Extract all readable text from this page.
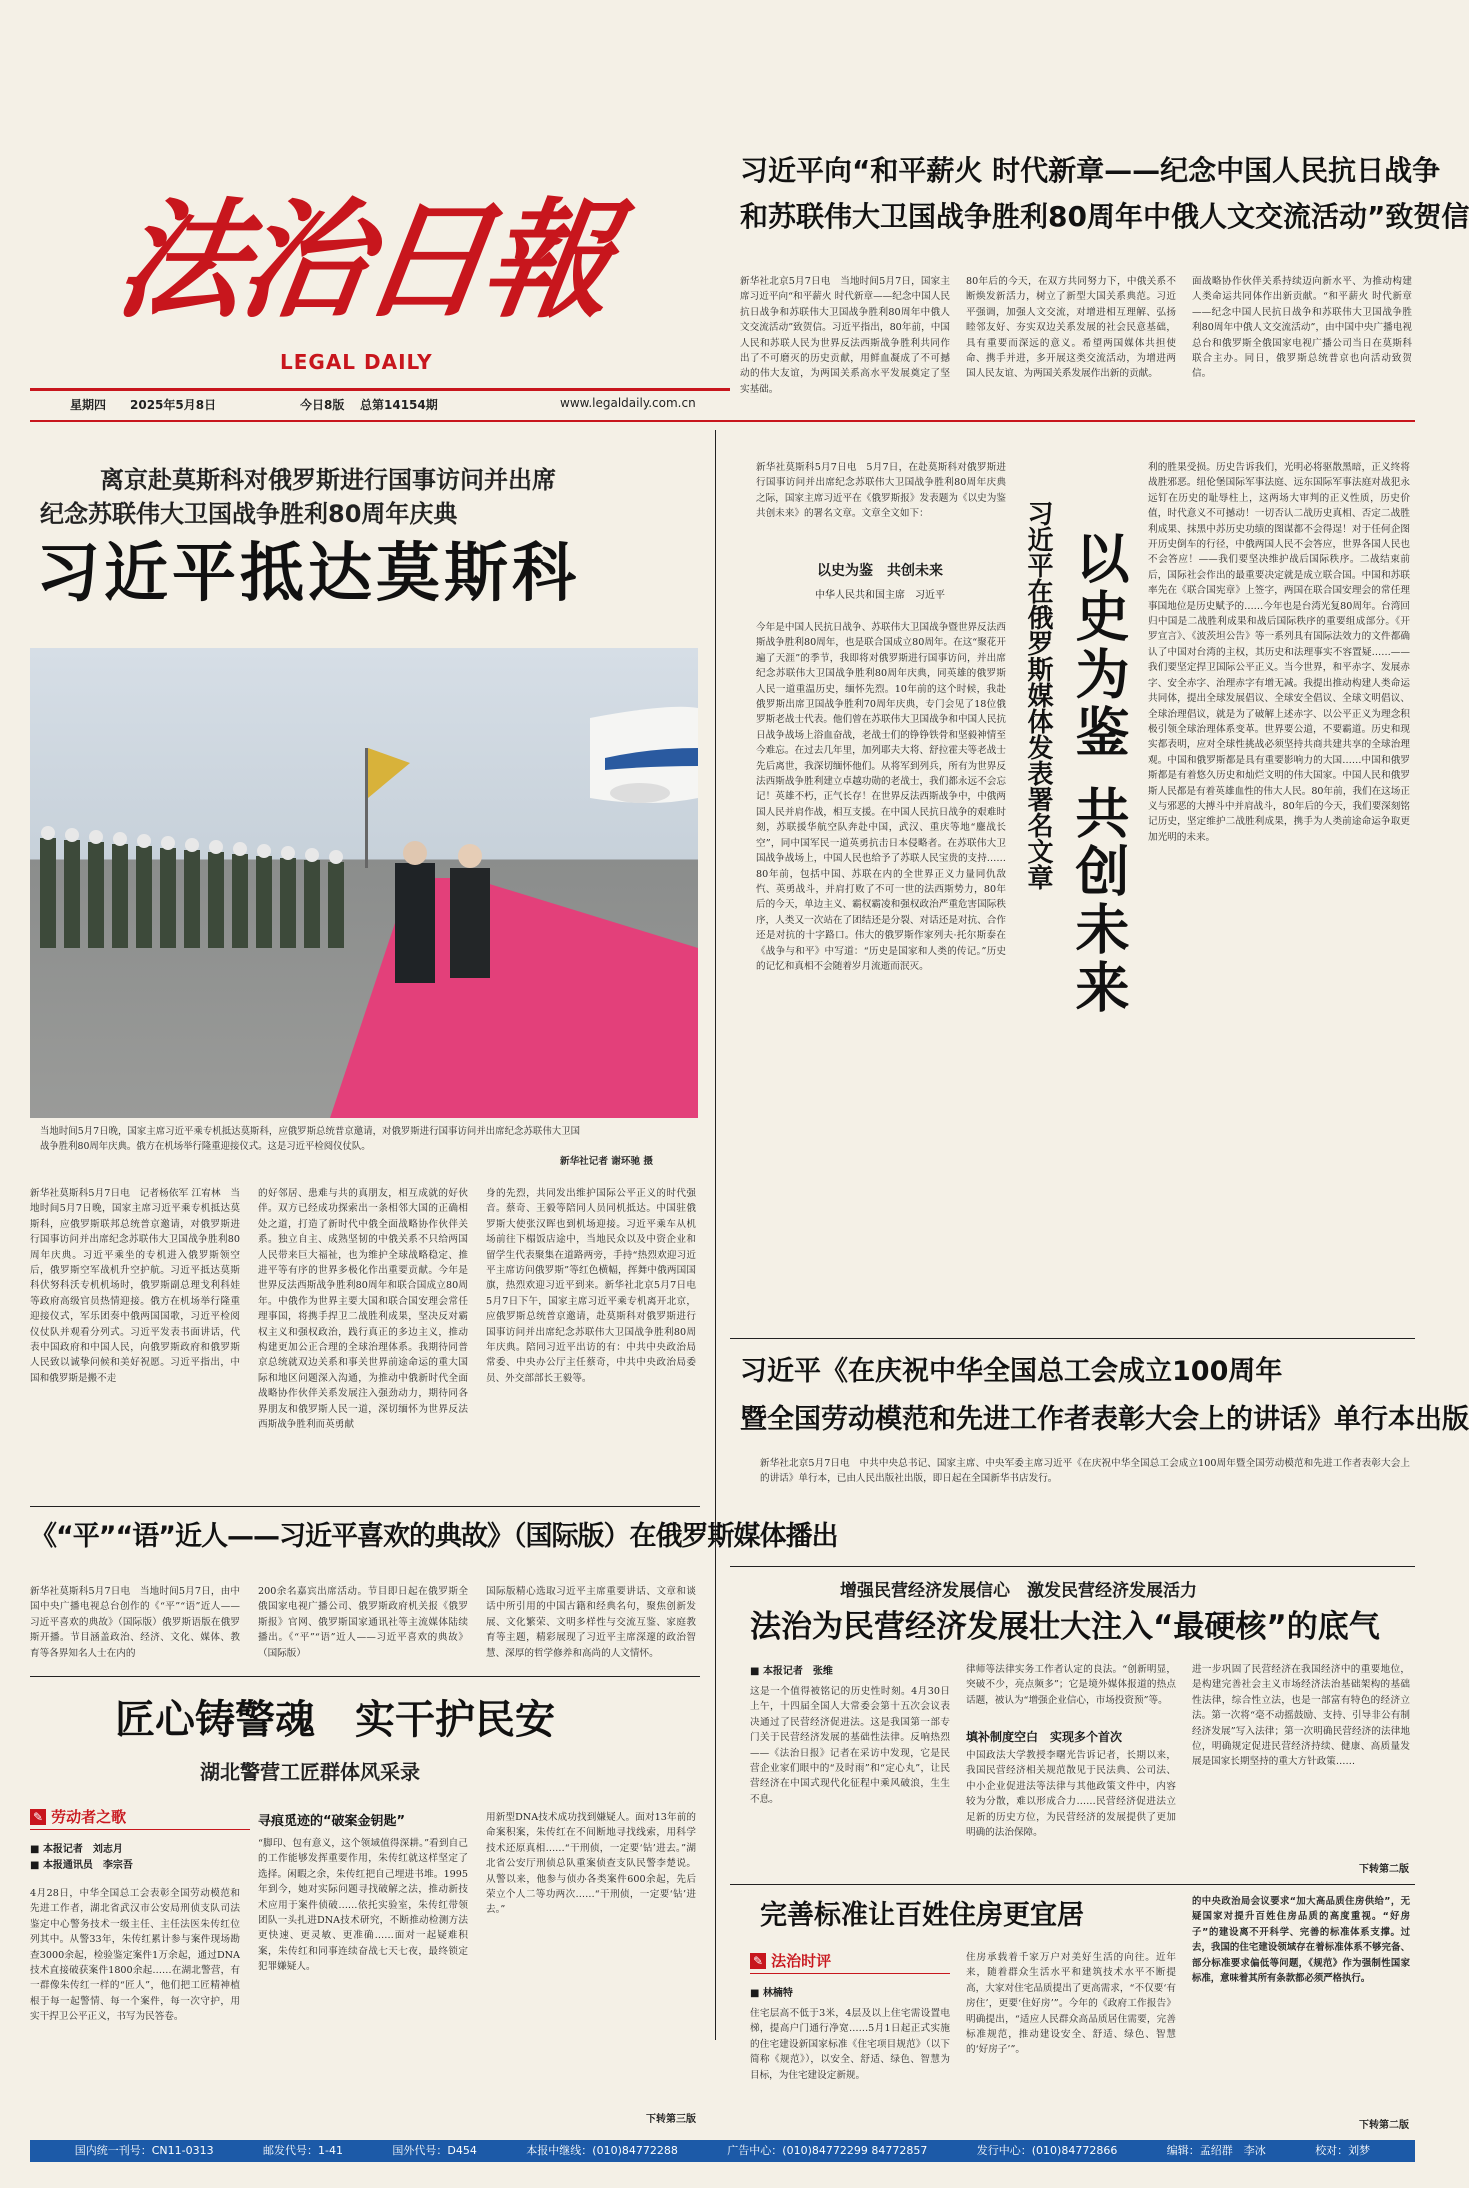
法治日報
LEGAL DAILY
星期四 2025年5月8日	今日8版 总第14154期	www.legaldaily.com.cn
习近平向“和平薪火 时代新章——纪念中国人民抗日战争
和苏联伟大卫国战争胜利80周年中俄人文交流活动”致贺信
新华社北京5月7日电　当地时间5月7日，国家主席习近平向“和平薪火 时代新章——纪念中国人民抗日战争和苏联伟大卫国战争胜利80周年中俄人文交流活动”致贺信。习近平指出，80年前，中国人民和苏联人民为世界反法西斯战争胜利共同作出了不可磨灭的历史贡献，用鲜血凝成了不可撼动的伟大友谊，为两国关系高水平发展奠定了坚实基础。
80年后的今天，在双方共同努力下，中俄关系不断焕发新活力，树立了新型大国关系典范。习近平强调，加强人文交流，对增进相互理解、弘扬睦邻友好、夯实双边关系发展的社会民意基础，具有重要而深远的意义。希望两国媒体共担使命、携手并进，多开展这类交流活动，为增进两国人民友谊、为两国关系发展作出新的贡献。
面战略协作伙伴关系持续迈向新水平、为推动构建人类命运共同体作出新贡献。“和平薪火 时代新章——纪念中国人民抗日战争和苏联伟大卫国战争胜利80周年中俄人文交流活动”，由中国中央广播电视总台和俄罗斯全俄国家电视广播公司当日在莫斯科联合主办。同日，俄罗斯总统普京也向活动致贺信。
离京赴莫斯科对俄罗斯进行国事访问并出席
纪念苏联伟大卫国战争胜利80周年庆典
习近平抵达莫斯科
当地时间5月7日晚，国家主席习近平乘专机抵达莫斯科，应俄罗斯总统普京邀请，对俄罗斯进行国事访问并出席纪念苏联伟大卫国战争胜利80周年庆典。俄方在机场举行隆重迎接仪式。这是习近平检阅仪仗队。
新华社记者 谢环驰 摄
新华社莫斯科5月7日电　记者杨依军 江宥林　当地时间5月7日晚，国家主席习近平乘专机抵达莫斯科，应俄罗斯联邦总统普京邀请，对俄罗斯进行国事访问并出席纪念苏联伟大卫国战争胜利80周年庆典。习近平乘坐的专机进入俄罗斯领空后，俄罗斯空军战机升空护航。习近平抵达莫斯科伏努科沃专机机场时，俄罗斯副总理戈利科娃等政府高级官员热情迎接。俄方在机场举行隆重迎接仪式，军乐团奏中俄两国国歌，习近平检阅仪仗队并观看分列式。习近平发表书面讲话，代表中国政府和中国人民，向俄罗斯政府和俄罗斯人民致以诚挚问候和美好祝愿。习近平指出，中国和俄罗斯是搬不走
的好邻居、患难与共的真朋友，相互成就的好伙伴。双方已经成功探索出一条相邻大国的正确相处之道，打造了新时代中俄全面战略协作伙伴关系。独立自主、成熟坚韧的中俄关系不只给两国人民带来巨大福祉，也为维护全球战略稳定、推进平等有序的世界多极化作出重要贡献。今年是世界反法西斯战争胜利80周年和联合国成立80周年。中俄作为世界主要大国和联合国安理会常任理事国，将携手捍卫二战胜利成果，坚决反对霸权主义和强权政治，践行真正的多边主义，推动构建更加公正合理的全球治理体系。我期待同普京总统就双边关系和事关世界前途命运的重大国际和地区问题深入沟通，为推动中俄新时代全面战略协作伙伴关系发展注入强劲动力，期待同各界朋友和俄罗斯人民一道，深切缅怀为世界反法西斯战争胜利而英勇献
身的先烈，共同发出维护国际公平正义的时代强音。蔡奇、王毅等陪同人员同机抵达。中国驻俄罗斯大使张汉晖也到机场迎接。习近平乘车从机场前往下榻饭店途中，当地民众以及中资企业和留学生代表聚集在道路两旁，手持“热烈欢迎习近平主席访问俄罗斯”等红色横幅，挥舞中俄两国国旗，热烈欢迎习近平到来。新华社北京5月7日电　5月7日下午，国家主席习近平乘专机离开北京，应俄罗斯总统普京邀请，赴莫斯科对俄罗斯进行国事访问并出席纪念苏联伟大卫国战争胜利80周年庆典。陪同习近平出访的有：中共中央政治局常委、中央办公厅主任蔡奇，中共中央政治局委员、外交部部长王毅等。
新华社莫斯科5月7日电　5月7日，在赴莫斯科对俄罗斯进行国事访问并出席纪念苏联伟大卫国战争胜利80周年庆典之际，国家主席习近平在《俄罗斯报》发表题为《以史为鉴 共创未来》的署名文章。文章全文如下：
以史为鉴　共创未来
中华人民共和国主席　习近平
今年是中国人民抗日战争、苏联伟大卫国战争暨世界反法西斯战争胜利80周年，也是联合国成立80周年。在这“聚花开遍了天涯”的季节，我即将对俄罗斯进行国事访问，并出席纪念苏联伟大卫国战争胜利80周年庆典，同英雄的俄罗斯人民一道重温历史，缅怀先烈。10年前的这个时候，我赴俄罗斯出席卫国战争胜利70周年庆典，专门会见了18位俄罗斯老战士代表。他们曾在苏联伟大卫国战争和中国人民抗日战争战场上浴血奋战，老战士们的铮铮铁骨和坚毅神情至今难忘。在过去几年里，加列耶夫大将、舒拉霍夫等老战士先后离世，我深切缅怀他们。从将军到列兵，所有为世界反法西斯战争胜利建立卓越功勋的老战士，我们都永远不会忘记！英雄不朽，正气长存！在世界反法西斯战争中，中俄两国人民并肩作战，相互支援。在中国人民抗日战争的艰难时刻，苏联援华航空队奔赴中国，武汉、重庆等地“鏖战长空”，同中国军民一道英勇抗击日本侵略者。在苏联伟大卫国战争战场上，中国人民也给予了苏联人民宝贵的支持……80年前，包括中国、苏联在内的全世界正义力量同仇敌忾、英勇战斗，并肩打败了不可一世的法西斯势力，80年后的今天，单边主义、霸权霸凌和强权政治严重危害国际秩序，人类又一次站在了团结还是分裂、对话还是对抗、合作还是对抗的十字路口。伟大的俄罗斯作家列夫·托尔斯泰在《战争与和平》中写道：“历史是国家和人类的传记。”历史的记忆和真相不会随着岁月流逝而泯灭。
习近平在俄罗斯媒体发表署名文章 以史为鉴 共创未来
利的胜果受损。历史告诉我们，光明必将驱散黑暗，正义终将战胜邪恶。纽伦堡国际军事法庭、远东国际军事法庭对战犯永远钉在历史的耻辱柱上，这两场大审判的正义性质，历史价值，时代意义不可撼动！一切否认二战历史真相、否定二战胜利成果、抹黑中苏历史功绩的图谋都不会得逞！对于任何企图开历史倒车的行径，中俄两国人民不会答应，世界各国人民也不会答应！——我们要坚决维护战后国际秩序。二战结束前后，国际社会作出的最重要决定就是成立联合国。中国和苏联率先在《联合国宪章》上签字，两国在联合国安理会的常任理事国地位是历史赋予的……今年也是台湾光复80周年。台湾回归中国是二战胜利成果和战后国际秩序的重要组成部分。《开罗宣言》、《波茨坦公告》等一系列具有国际法效力的文件都确认了中国对台湾的主权，其历史和法理事实不容置疑……——我们要坚定捍卫国际公平正义。当今世界，和平赤字、发展赤字、安全赤字、治理赤字有增无减。我提出推动构建人类命运共同体，提出全球发展倡议、全球安全倡议、全球文明倡议、全球治理倡议，就是为了破解上述赤字、以公平正义为理念积极引领全球治理体系变革。世界要公道，不要霸道。历史和现实都表明，应对全球性挑战必须坚持共商共建共享的全球治理观。中国和俄罗斯都是具有重要影响力的大国……中国和俄罗斯都是有着悠久历史和灿烂文明的伟大国家。中国人民和俄罗斯人民都是有着英雄血性的伟大人民。80年前，我们在这场正义与邪恶的大搏斗中并肩战斗，80年后的今天，我们要深刻铭记历史，坚定维护二战胜利成果，携手为人类前途命运争取更加光明的未来。
习近平《在庆祝中华全国总工会成立100周年
暨全国劳动模范和先进工作者表彰大会上的讲话》单行本出版
新华社北京5月7日电　中共中央总书记、国家主席、中央军委主席习近平《在庆祝中华全国总工会成立100周年暨全国劳动模范和先进工作者表彰大会上的讲话》单行本，已由人民出版社出版，即日起在全国新华书店发行。
《“平”“语”近人——习近平喜欢的典故》（国际版）在俄罗斯媒体播出
新华社莫斯科5月7日电　当地时间5月7日，由中国中央广播电视总台创作的《“平”“语”近人——习近平喜欢的典故》（国际版）俄罗斯语版在俄罗斯开播。节目涵盖政治、经济、文化、媒体、教育等各界知名人士在内的
200余名嘉宾出席活动。节目即日起在俄罗斯全俄国家电视广播公司、俄罗斯政府机关报《俄罗斯报》官网、俄罗斯国家通讯社等主流媒体陆续播出。《“平”“语”近人——习近平喜欢的典故》（国际版）
国际版精心选取习近平主席重要讲话、文章和谈话中所引用的中国古籍和经典名句，聚焦创新发展、文化繁荣、文明多样性与交流互鉴、家庭教育等主题，精彩展现了习近平主席深邃的政治智慧、深厚的哲学修养和高尚的人文情怀。
匠心铸警魂　实干护民安
湖北警营工匠群体风采录
✎ 劳动者之歌
■ 本报记者　刘志月
■ 本报通讯员　李宗吾
4月28日，中华全国总工会表彰全国劳动模范和先进工作者，湖北省武汉市公安局刑侦支队司法鉴定中心警务技术一级主任、主任法医朱传红位列其中。从警33年，朱传红累计参与案件现场勘查3000余起，检验鉴定案件1万余起，通过DNA技术直接破获案件1800余起……在湖北警营，有一群像朱传红一样的“匠人”，他们把工匠精神植根于每一起警情、每一个案件，每一次守护，用实干捍卫公平正义，书写为民答卷。
寻痕觅迹的“破案金钥匙”
“脚印、包有意义，这个领域值得深耕。”看到自己的工作能够发挥重要作用，朱传红就这样坚定了选择。闲暇之余，朱传红把自己埋进书堆。1995年到今，她对实际问题寻找破解之法，推动新技术应用于案件侦破……依托实验室，朱传红带领团队一头扎进DNA技术研究，不断推动检测方法更快速、更灵敏、更准确……面对一起疑难积案，朱传红和同事连续奋战七天七夜，最终锁定犯罪嫌疑人。
用新型DNA技术成功找到嫌疑人。面对13年前的命案积案，朱传红在不间断地寻找线索，用科学技术还原真相……“干刑侦，一定要‘钻’进去。”湖北省公安厅刑侦总队重案侦查支队民警李楚说。从警以来，他参与侦办各类案件600余起，先后荣立个人二等功两次……“干刑侦，一定要‘钻’进去。”
下转第三版
增强民营经济发展信心　激发民营经济发展活力
法治为民营经济发展壮大注入“最硬核”的底气
■ 本报记者　张维
这是一个值得被铭记的历史性时刻。4月30日上午，十四届全国人大常委会第十五次会议表决通过了民营经济促进法。这是我国第一部专门关于民营经济发展的基础性法律。反响热烈——《法治日报》记者在采访中发现，它是民营企业家们眼中的“及时雨”和“定心丸”，让民营经济在中国式现代化征程中乘风破浪，生生不息。
律师等法律实务工作者认定的良法。“创新明显，突破不少，亮点频多”；它是境外媒体报道的热点话题，被认为“增强企业信心，市场投资预”等。
填补制度空白　实现多个首次
中国政法大学教授李曙光告诉记者，长期以来，我国民营经济相关规范散见于民法典、公司法、中小企业促进法等法律与其他政策文件中，内容较为分散，难以形成合力……民营经济促进法立足新的历史方位，为民营经济的发展提供了更加明确的法治保障。
进一步巩固了民营经济在我国经济中的重要地位，是构建完善社会主义市场经济法治基础架构的基础性法律，综合性立法，也是一部富有特色的经济立法。第一次将“毫不动摇鼓励、支持、引导非公有制经济发展”写入法律；第一次明确民营经济的法律地位，明确规定促进民营经济持续、健康、高质量发展是国家长期坚持的重大方针政策……
下转第二版
完善标准让百姓住房更宜居
✎ 法治时评
■ 林楠特
住宅层高不低于3米，4层及以上住宅需设置电梯，提高户门通行净宽……5月1日起正式实施的住宅建设新国家标准《住宅项目规范》（以下简称《规范》），以安全、舒适、绿色、智慧为目标，为住宅建设定新规。
住房承载着千家万户对美好生活的向往。近年来，随着群众生活水平和建筑技术水平不断提高，大家对住宅品质提出了更高需求，“不仅要‘有房住’，更要‘住好房’”。今年的《政府工作报告》明确提出，“适应人民群众高品质居住需要，完善标准规范，推动建设安全、舒适、绿色、智慧的‘好房子’”。
的中央政治局会议要求“加大高品质住房供给”，无疑国家对提升百姓住房品质的高度重视。“好房子”的建设离不开科学、完善的标准体系支撑。过去，我国的住宅建设领域存在着标准体系不够完备、部分标准要求偏低等问题，《规范》作为强制性国家标准，意味着其所有条款都必须严格执行。
下转第二版
国内统一刊号：CN11-0313	邮发代号：1-41	国外代号：D454	本报中继线：(010)84772288	广告中心：(010)84772299 84772857	发行中心：(010)84772866	编辑：孟绍群　李冰	校对：刘梦
